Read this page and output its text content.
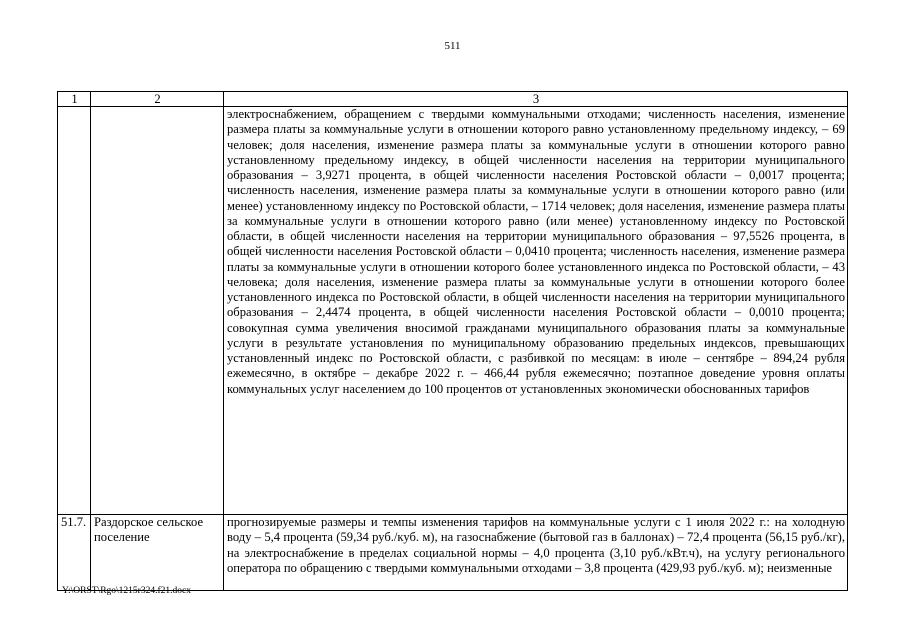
511
1	2	3

		электроснабжением, обращением с твердыми коммунальными отходами; численность населения, изменение размера платы за коммунальные услуги в отношении которого равно установленному предельному индексу, – 69 человек; доля населения, изменение размера платы за коммунальные услуги в отношении которого равно установленному предельному индексу, в общей численности населения на территории муниципального образования – 3,9271 процента, в общей численности населения Ростовской области – 0,0017 процента; численность населения, изменение размера платы за коммунальные услуги в отношении которого равно (или менее) установленному индексу по Ростовской области, – 1714 человек; доля населения, изменение размера платы за коммунальные услуги в отношении которого равно (или менее) установленному индексу по Ростовской области, в общей численности населения на территории муниципального образования – 97,5526 процента, в общей численности населения Ростовской области – 0,0410 процента; численность населения, изменение размера платы за коммунальные услуги в отношении которого более установленного индекса по Ростовской области, – 43 человека; доля населения, изменение размера платы за коммунальные услуги в отношении которого более установленного индекса по Ростовской области, в общей численности населения на территории муниципального образования – 2,4474 процента, в общей численности населения Ростовской области – 0,0010 процента; совокупная сумма увеличения вносимой гражданами муниципального образования платы за коммунальные услуги в результате установления по муниципальному образованию предельных индексов, превышающих установленный индекс по Ростовской области, с разбивкой по месяцам: в июле – сентябре – 894,24 рубля ежемесячно, в октябре – декабре 2022 г. – 466,44 рубля ежемесячно; поэтапное доведение уровня оплаты коммунальных услуг населением до 100 процентов от установленных экономически обоснованных тарифов

51.7.	Раздорское сельское поселение	прогнозируемые размеры и темпы изменения тарифов на коммунальные услуги с 1 июля 2022 г.: на холодную воду – 5,4 процента (59,34 руб./куб. м), на газоснабжение (бытовой газ в баллонах) – 72,4 процента (56,15 руб./кг), на электроснабжение в пределах социальной нормы – 4,0 процента (3,10 руб./кВт.ч), на услугу регионального оператора по обращению с твердыми коммунальными отходами – 3,8 процента (429,93 руб./куб. м); неизменные
Y:\ORST\Rgo\1215r324.f21.docx
